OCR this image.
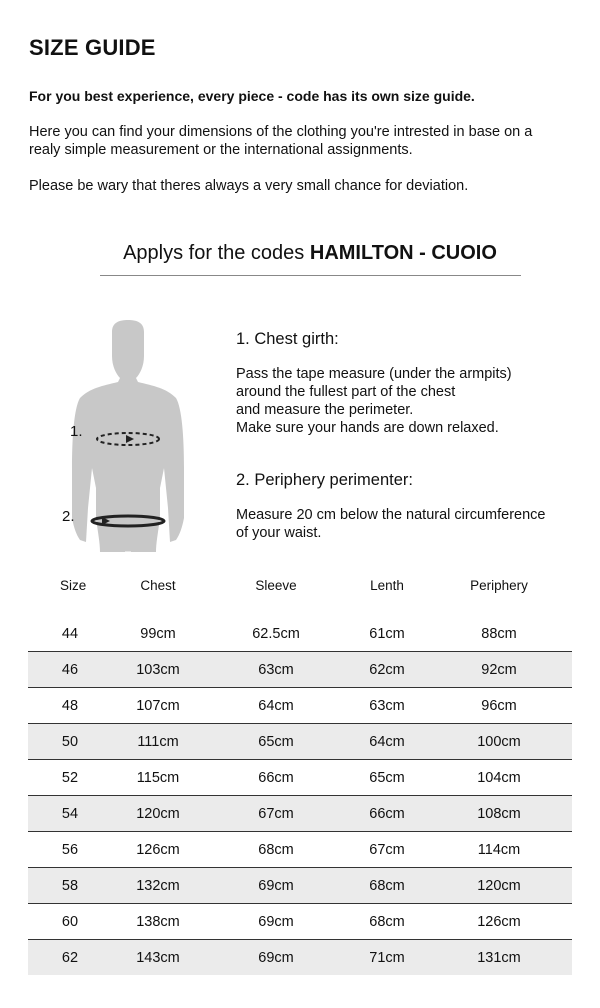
SIZE GUIDE
For you best experience, every piece - code has its own size guide.
Here you can find your dimensions of the clothing you're intrested in base on a
realy simple measurement or the international assignments.
Please be wary that theres always a very small chance for deviation.
Applys for the codes HAMILTON - CUOIO
1.
2.
1. Chest girth:

Pass the tape measure (under the armpits)

around the fullest part of the chest

and measure the perimeter.

Make sure your hands are down relaxed.

2. Periphery perimenter:

Measure 20 cm below the natural circumference

of your waist.

Size	Chest	Sleeve	Lenth	Periphery

44	99cm	62.5cm	61cm	88cm
46	103cm	63cm	62cm	92cm
48	107cm	64cm	63cm	96cm
50	111cm	65cm	64cm	100cm
52	115cm	66cm	65cm	104cm
54	120cm	67cm	66cm	108cm
56	126cm	68cm	67cm	114cm
58	132cm	69cm	68cm	120cm
60	138cm	69cm	68cm	126cm
62	143cm	69cm	71cm	131cm
